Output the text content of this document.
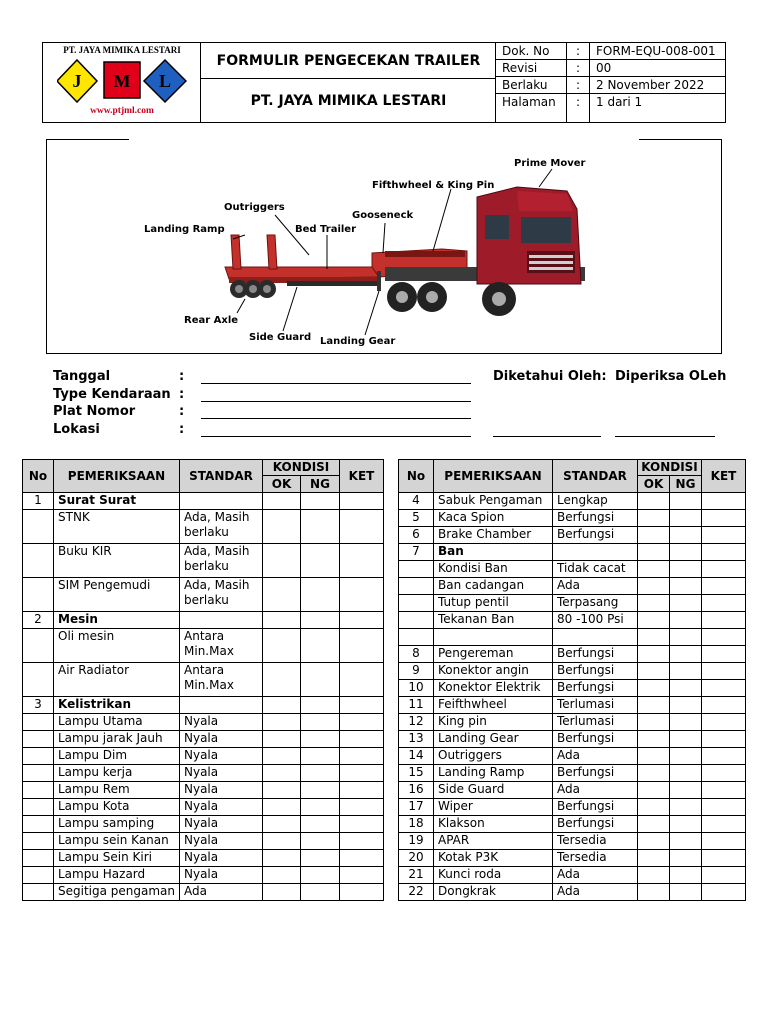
PT. JAYA MIMIKA LESTARI
J M L
www.ptjml.com
FORMULIR PENGECEKAN TRAILER
PT. JAYA MIMIKA LESTARI
Dok. No	:	FORM-EQU-008-001
Revisi	:	00
Berlaku	:	2 November 2022
Halaman	:	1 dari 1
Prime Mover
Fifthwheel & King Pin
Outriggers
Gooseneck
Landing Ramp	Bed Trailer
Rear Axle
Side Guard Landing Gear
Tanggal	:
Type Kendaraan :
Plat Nomor	:
Lokasi	:
Diketahui Oleh: Diperiksa OLeh
No	PEMERIKSAAN	STANDAR	KONDISI		KET
			OK	NG	
1	Surat Surat				
	STNK	Ada, Masih berlaku			
	Buku KIR	Ada, Masih berlaku			
	SIM Pengemudi	Ada, Masih berlaku			
2	Mesin				
	Oli mesin	Antara Min.Max			
	Air Radiator	Antara Min.Max			
3	Kelistrikan				
	Lampu Utama	Nyala			
	Lampu jarak Jauh	Nyala			
	Lampu Dim	Nyala			
	Lampu kerja	Nyala			
	Lampu Rem	Nyala			
	Lampu Kota	Nyala			
	Lampu samping	Nyala			
	Lampu sein Kanan	Nyala			
	Lampu Sein Kiri	Nyala			
	Lampu Hazard	Nyala			
	Segitiga pengaman	Ada			
No	PEMERIKSAAN	STANDAR	KONDISI		KET
			OK	NG	
4	Sabuk Pengaman	Lengkap			
5	Kaca Spion	Berfungsi			
6	Brake Chamber	Berfungsi			
7	Ban				
	Kondisi Ban	Tidak cacat			
	Ban cadangan	Ada			
	Tutup pentil	Terpasang			
	Tekanan Ban	80 -100 Psi			

8	Pengereman	Berfungsi			
9	Konektor angin	Berfungsi			
10	Konektor Elektrik	Berfungsi			
11	Feifthwheel	Terlumasi			
12	King pin	Terlumasi			
13	Landing Gear	Berfungsi			
14	Outriggers	Ada			
15	Landing Ramp	Berfungsi			
16	Side Guard	Ada			
17	Wiper	Berfungsi			
18	Klakson	Berfungsi			
19	APAR	Tersedia			
20	Kotak P3K	Tersedia			
21	Kunci roda	Ada			
22	Dongkrak	Ada			
